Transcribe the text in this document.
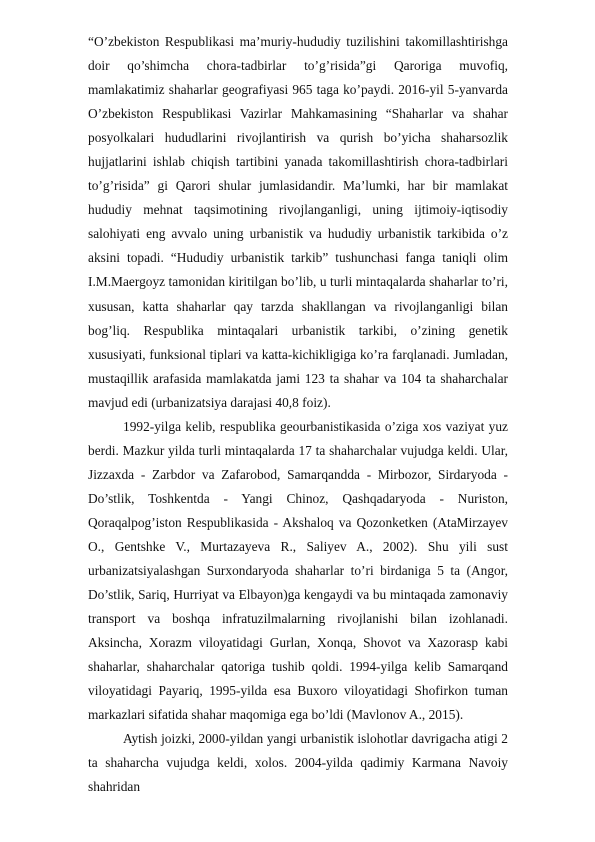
“O’zbekiston Respublikasi ma’muriy-hududiy tuzilishini takomillashtirishga doir qo’shimcha chora-tadbirlar to’g’risida”gi Qaroriga muvofiq, mamlakatimiz shaharlar geografiyasi 965 taga ko’paydi. 2016-yil 5-yanvarda O’zbekiston Respublikasi Vazirlar Mahkamasining “Shaharlar va shahar posyolkalari hududlarini rivojlantirish va qurish bo’yicha shaharsozlik hujjatlarini ishlab chiqish tartibini yanada takomillashtirish chora-tadbirlari to’g’risida” gi Qarori shular jumlasidandir. Ma’lumki, har bir mamlakat hududiy mehnat taqsimotining rivojlanganligi, uning ijtimoiy-iqtisodiy salohiyati eng avvalo uning urbanistik va hududiy urbanistik tarkibida o’z aksini topadi. “Hududiy urbanistik tarkib” tushunchasi fanga taniqli olim I.M.Maergoyz tamonidan kiritilgan bo’lib, u turli mintaqalarda shaharlar to’ri, xususan, katta shaharlar qay tarzda shakllangan va rivojlanganligi bilan bog’liq. Respublika mintaqalari urbanistik tarkibi, o’zining genetik xususiyati, funksional tiplari va katta-kichikligiga ko’ra farqlanadi. Jumladan, mustaqillik arafasida mamlakatda jami 123 ta shahar va 104 ta shaharchalar mavjud edi (urbanizatsiya darajasi 40,8 foiz).

1992-yilga kelib, respublika geourbanistikasida o’ziga xos vaziyat yuz berdi. Mazkur yilda turli mintaqalarda 17 ta shaharchalar vujudga keldi. Ular, Jizzaxda - Zarbdor va Zafarobod, Samarqandda - Mirbozor, Sirdaryoda - Do’stlik, Toshkentda - Yangi Chinoz, Qashqadaryoda - Nuriston, Qoraqalpog’iston Respublikasida - Akshaloq va Qozonketken (AtaMirzayev O., Gentshke V., Murtazayeva R., Saliyev A., 2002). Shu yili sust urbanizatsiyalashgan Surxondaryoda shaharlar to’ri birdaniga 5 ta (Angor, Do’stlik, Sariq, Hurriyat va Elbayon)ga kengaydi va bu mintaqada zamonaviy transport va boshqa infratuzilmalarning rivojlanishi bilan izohlanadi. Aksincha, Xorazm viloyatidagi Gurlan, Xonqa, Shovot va Xazorasp kabi shaharlar, shaharchalar qatoriga tushib qoldi. 1994-yilga kelib Samarqand viloyatidagi Payariq, 1995-yilda esa Buxoro viloyatidagi Shofirkon tuman markazlari sifatida shahar maqomiga ega bo’ldi (Mavlonov A., 2015).

Aytish joizki, 2000-yildan yangi urbanistik islohotlar davrigacha atigi 2 ta shaharcha vujudga keldi, xolos. 2004-yilda qadimiy Karmana Navoiy shahridan
